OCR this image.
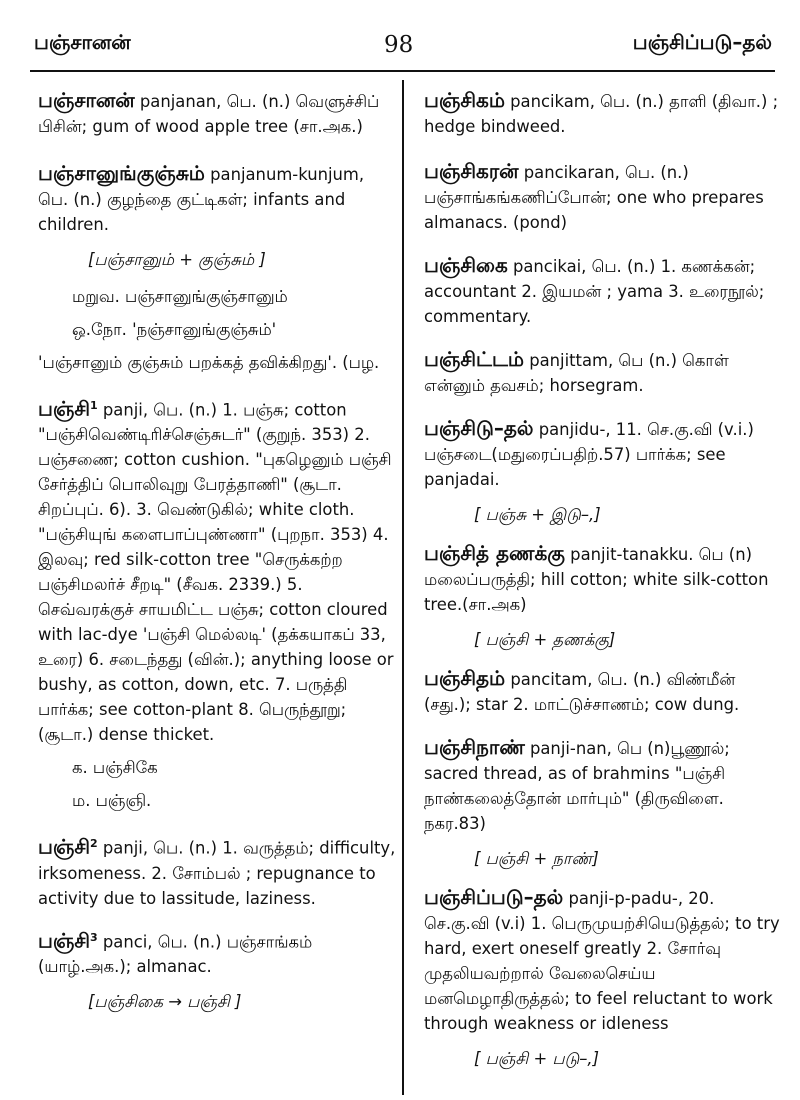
பஞ்சானன்	98	பஞ்சிப்படு–தல்
பஞ்சானன் panjanan, பெ. (n.) வெளுச்சிப் பிசின்; gum of wood apple tree (சா.அக.)
பஞ்சானுங்குஞ்சும் panjanum-kunjum, பெ. (n.) குழந்தை குட்டிகள்; infants and children.
[பஞ்சானும் + குஞ்சும் ]
மறுவ. பஞ்சானுங்குஞ்சானும்
ஒ.நோ. 'நஞ்சானுங்குஞ்சும்'
'பஞ்சானும் குஞ்சும் பறக்கத் தவிக்கிறது'. (பழ.
பஞ்சி$^1$ panji, பெ. (n.) 1. பஞ்சு; cotton "பஞ்சிவெண்டிரிச்செஞ்சுடர்" (குறுந். 353) 2. பஞ்சணை; cotton cushion. "புகழெனும் பஞ்சி சேர்த்திப் பொலிவுறு பேரத்தாணி" (சூடா. சிறப்புப். 6). 3. வெண்டுகில்; white cloth. "பஞ்சியுங் களைபாப்புண்ணா" (புறநா. 353) 4. இலவு; red silk-cotton tree "செருக்கற்ற பஞ்சிமலர்ச் சீறடி" (சீவக. 2339.) 5. செவ்வரக்குச் சாயமிட்ட பஞ்சு; cotton cloured with lac-dye 'பஞ்சி மெல்லடி' (தக்கயாகப் 33, உரை) 6. சடைந்தது (வின்.); anything loose or bushy, as cotton, down, etc. 7. பருத்தி பார்க்க; see cotton-plant 8. பெருந்தூறு; (சூடா.) dense thicket.
க. பஞ்சிகே
ம. பஞ்ஞி.
பஞ்சி$^2$ panji, பெ. (n.) 1. வருத்தம்; difficulty, irksomeness. 2. சோம்பல் ; repugnance to activity due to lassitude, laziness.
பஞ்சி$^3$ panci, பெ. (n.) பஞ்சாங்கம் (யாழ்.அக.); almanac.
[பஞ்சிகை → பஞ்சி ]
பஞ்சிகம் pancikam, பெ. (n.) தாளி (திவா.) ; hedge bindweed.
பஞ்சிகரன் pancikaran, பெ. (n.) பஞ்சாங்கங்கணிப்போன்; one who prepares almanacs. (pond)
பஞ்சிகை pancikai, பெ. (n.) 1. கணக்கன்; accountant 2. இயமன் ; yama 3. உரைநூல்; commentary.
பஞ்சிட்டம் panjittam, பெ (n.) கொள் என்னும் தவசம்; horsegram.
பஞ்சிடு–தல் panjidu-, 11. செ.கு.வி (v.i.) பஞ்சடை(மதுரைப்பதிற்.57) பார்க்க; see panjadai.
[ பஞ்சு + இடு–,]
பஞ்சித் தணக்கு panjit-tanakku. பெ (n) மலைப்பருத்தி; hill cotton; white silk-cotton tree.(சா.அக)
[ பஞ்சி + தணக்கு]
பஞ்சிதம் pancitam, பெ. (n.) விண்மீன் (சது.); star 2. மாட்டுச்சாணம்; cow dung.
பஞ்சிநாண் panji-nan, பெ (n)பூணூல்; sacred thread, as of brahmins "பஞ்சி நாண்கலைத்தோன் மார்பும்" (திருவிளை. நகர.83)
[ பஞ்சி + நாண்]
பஞ்சிப்படு–தல் panji-p-padu-, 20. செ.கு.வி (v.i) 1. பெருமுயற்சியெடுத்தல்; to try hard, exert oneself greatly 2. சோர்வு முதலியவற்றால் வேலைசெய்ய மனமெழாதிருத்தல்; to feel reluctant to work through weakness or idleness
[ பஞ்சி + படு–,]
